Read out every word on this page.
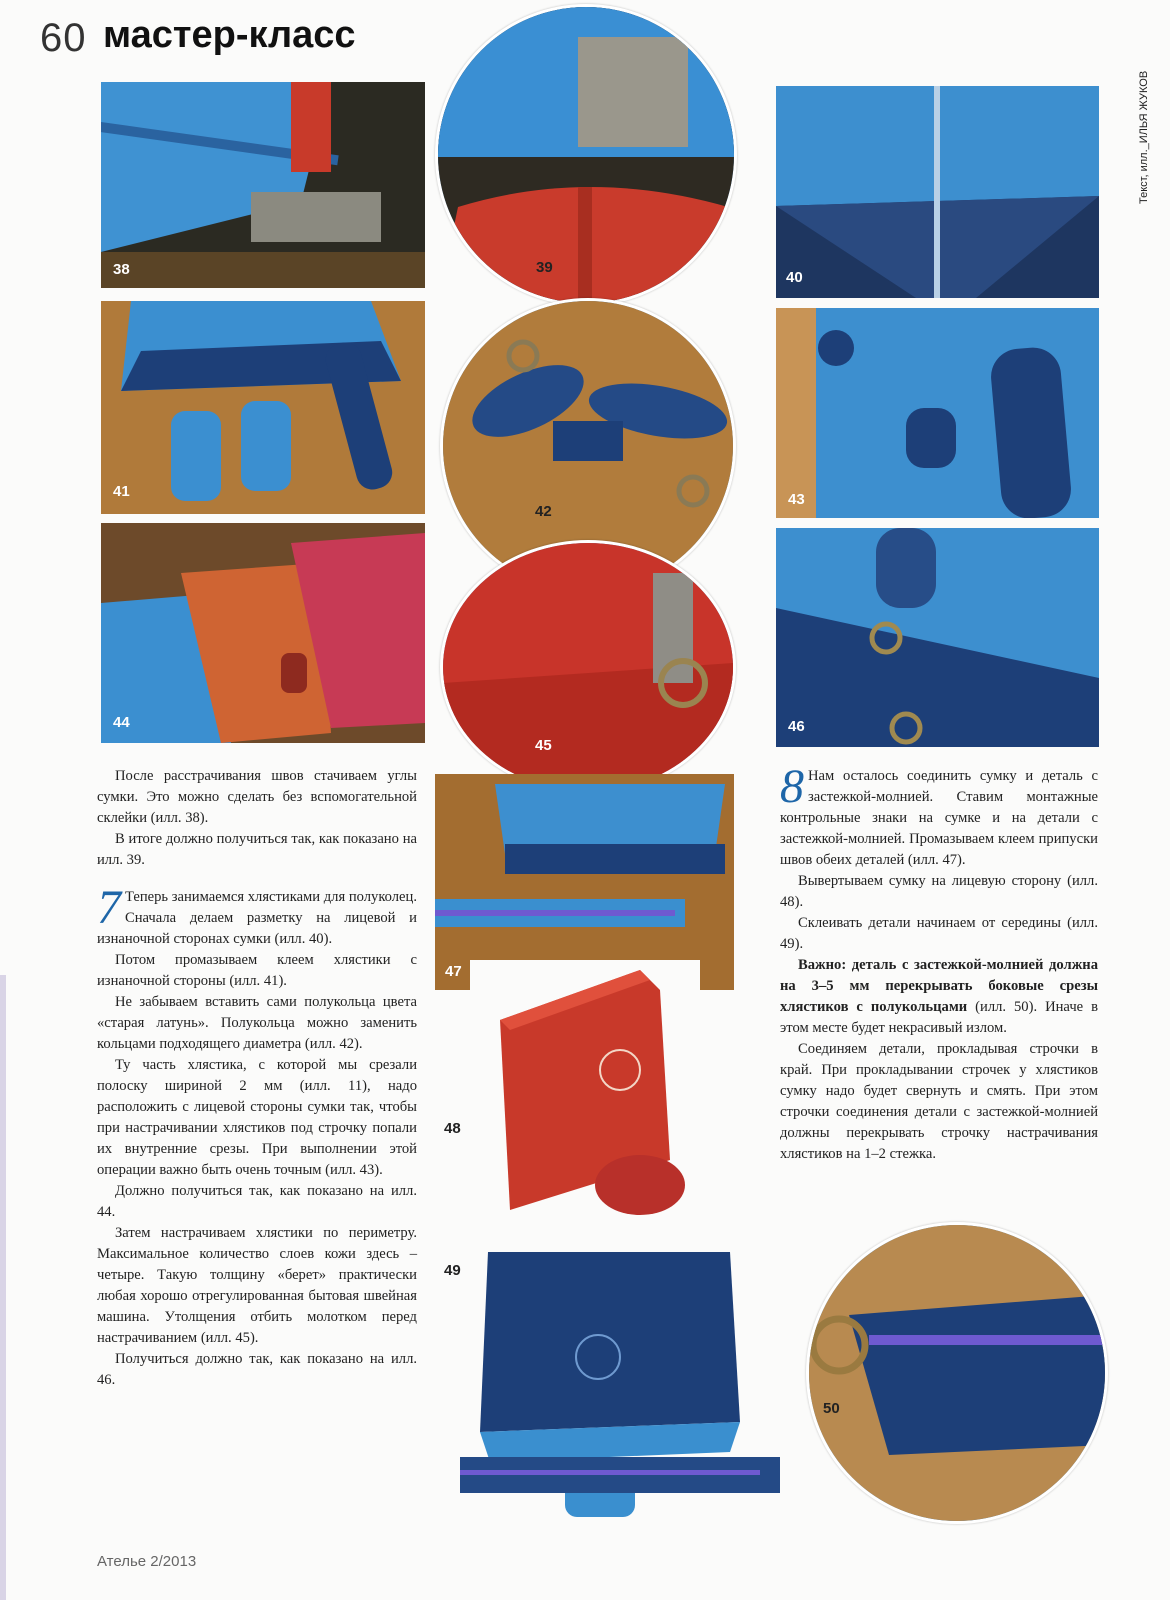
60 мастер-класс
Текст, илл._ИЛЬЯ ЖУКОВ
38	39
40
41
42
43
44
45
46
47
48
49
50

После расстрачивания швов стачиваем углы сумки. Это можно сделать без вспомогательной склейки (илл. 38).

В итоге должно получиться так, как показано на илл. 39.

7 Теперь занимаемся хлястиками для полуколец. Сначала делаем разметку на лицевой и изнаночной сторонах сумки (илл. 40).

Потом промазываем клеем хлястики с изнаночной стороны (илл. 41).

Не забываем вставить сами полукольца цвета «старая латунь». Полукольца можно заменить кольцами подходящего диаметра (илл. 42).

Ту часть хлястика, с которой мы срезали полоску шириной 2 мм (илл. 11), надо расположить с лицевой стороны сумки так, чтобы при настрачивании хлястиков под строчку попали их внутренние срезы. При выполнении этой операции важно быть очень точным (илл. 43).

Должно получиться так, как показано на илл. 44.

Затем настрачиваем хлястики по периметру. Максимальное количество слоев кожи здесь – четыре. Такую толщину «берет» практически любая хорошо отрегулированная бытовая швейная машина. Утолщения отбить молотком перед настрачиванием (илл. 45).

Получиться должно так, как показано на илл. 46.

8 Нам осталось соединить сумку и деталь с застежкой-молнией. Ставим монтажные контрольные знаки на сумке и на детали с застежкой-молнией. Промазываем клеем припуски швов обеих деталей (илл. 47).

Вывертываем сумку на лицевую сторону (илл. 48).

Склеивать детали начинаем от середины (илл. 49).

Важно: деталь с застежкой-молнией должна на 3–5 мм перекрывать боковые срезы хлястиков с полукольцами (илл. 50). Иначе в этом месте будет некрасивый излом.

Соединяем детали, прокладывая строчки в край. При прокладывании строчек у хлястиков сумку надо будет свернуть и смять. При этом строчки соединения детали с застежкой-молнией должны перекрывать строчку настрачивания хлястиков на 1–2 стежка.

Ателье 2/2013
